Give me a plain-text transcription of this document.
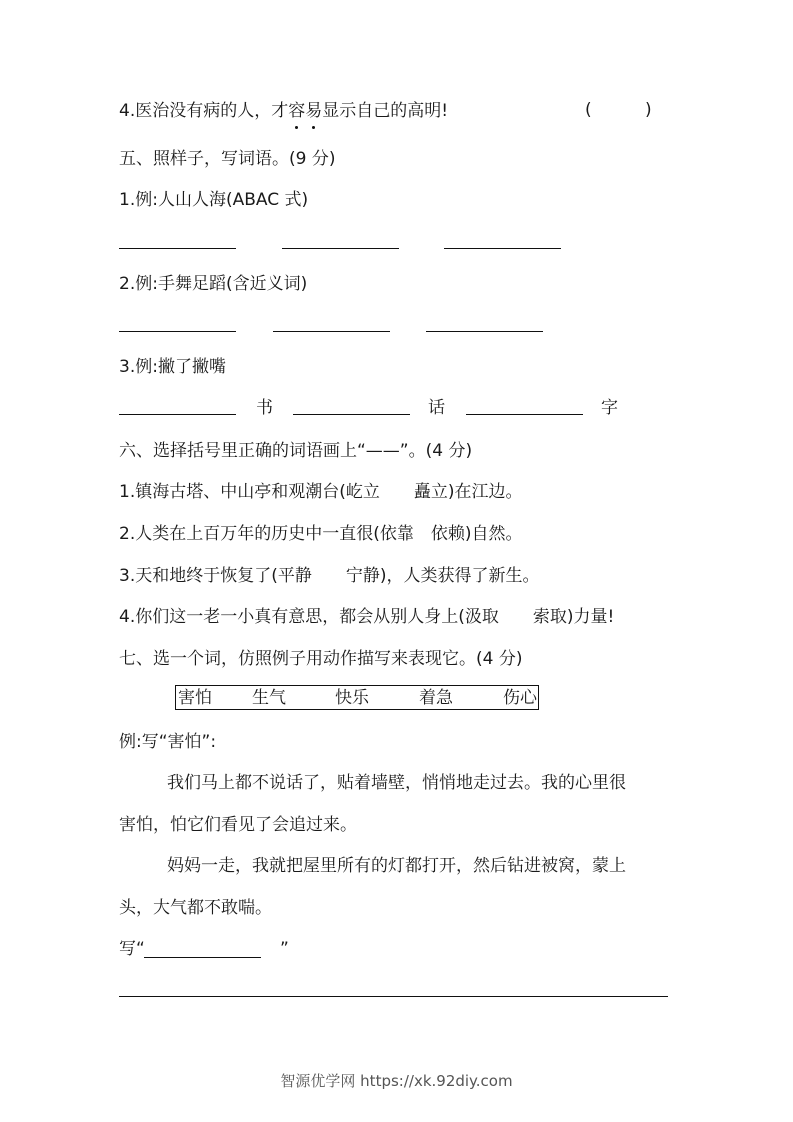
4.医治没有病的人，才容易显示自己的高明!	(	)
五、照样子，写词语。(9 分)
1.例:人山人海(ABAC 式)
2.例:手舞足蹈(含近义词)
3.例:撇了撇嘴
书	话	字
六、选择括号里正确的词语画上“——”。(4 分)
1.镇海古塔、中山亭和观潮台(屹立　　矗立)在江边。
2.人类在上百万年的历史中一直很(依靠　依赖)自然。
3.天和地终于恢复了(平静　　宁静)，人类获得了新生。
4.你们这一老一小真有意思，都会从别人身上(汲取　　索取)力量!
七、选一个词，仿照例子用动作描写来表现它。(4 分)
害怕 生气	快乐	着急	伤心
例:写“害怕”:
我们马上都不说话了，贴着墙壁，悄悄地走过去。我的心里很
害怕，怕它们看见了会追过来。
妈妈一走，我就把屋里所有的灯都打开，然后钻进被窝，蒙上
头，大气都不敢喘。
写“	”
智源优学网 https://xk.92diy.com
